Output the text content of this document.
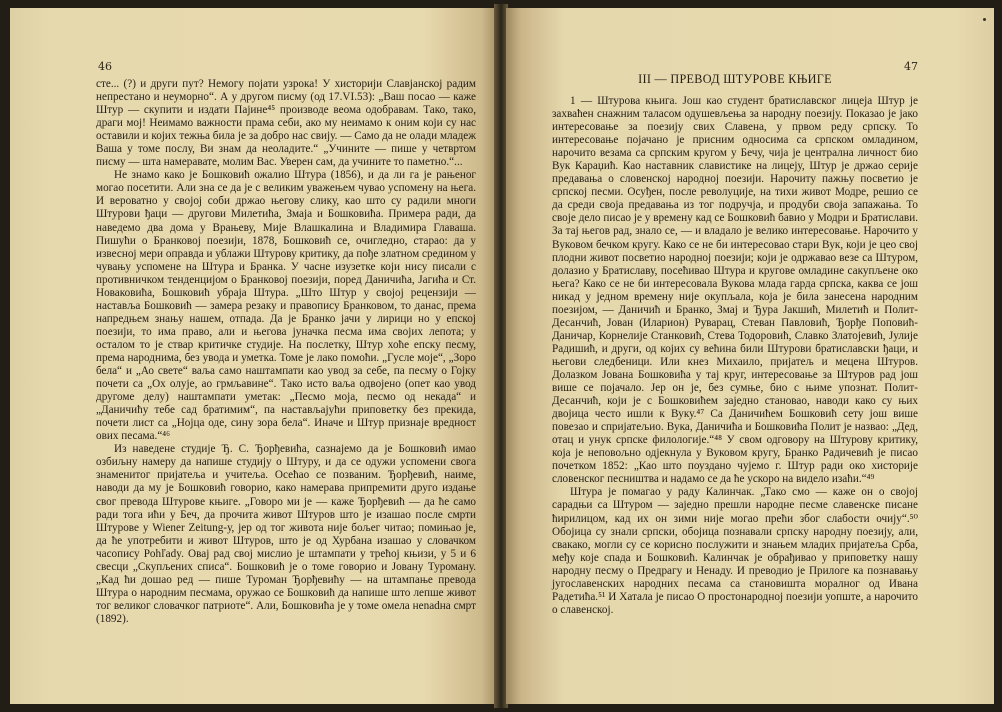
46

сте... (?) и други пут? Немогу појати узрока! У хисторији Славјанској радим непрестано и неуморно“. А у другом писму (од 17.VI.53): „Ваш посао — каже Штур — скупити и издати Пајине⁴⁵ производе веома одобравам. Тако, тако, драги мој! Неимамо важности прама себи, ако му неимамо к оним који су нас оставили и којих тежња била је за добро нас свију. — Само да не олади младеж Ваша у томе послу, Ви знам да неоладите.“ „Учините — пише у четвртом писму — шта намеравате, молим Вас. Уверен сам, да учините то паметно.“...

Не знамо како је Бошковић ожалио Штура (1856), и да ли га је рањеног могао посетити. Али зна се да је с великим уважењем чувао успомену на њега. И вероватно у својој соби држао његову слику, као што су радили многи Штурови ђаци — другови Милетића, Змаја и Бошковића. Примера ради, да наведемо два дома у Врањеву, Мије Влашкалина и Владимира Главаша. Пишући о Бранковој поезији, 1878, Бошковић се, очигледно, старао: да у извесној мери оправда и ублажи Штурову критику, да пође златном средином у чувању успомене на Штура и Бранка. У часне изузетке који нису писали с противничком тенденцијом о Бранковој поезији, поред Даничића, Јагића и Ст. Новаковића, Бошковић убраја Штура. „Што Штур у својој рецензији — наставља Бошковић — замера резаку и правопису Бранковом, то данас, према напредњем знању нашем, отпада. Да је Бранко јачи у лирици но у епској поезији, то има право, али и његова јуначка песма има својих лепота; у осталом то је ствар критичке студије. На послетку, Штур хоће епску песму, према народнима, без увода и уметка. Томе је лако помоћи. „Гусле моје“, „Зоро бела“ и „Ао свете“ ваља само наштампати као увод за себе, па песму о Гојку почети са „Ох олује, ао грмљавине“. Тако исто ваља одвојено (опет као увод другоме делу) наштампати уметак: „Песмо моја, песмо од некада“ и „Даничићу тебе сад братимим“, па настављајући приповетку без прекида, почети лист са „Нојца оде, сину зора бела“. Иначе и Штур признаје вредност ових песама.“⁴⁶

Из наведене студије Ђ. С. Ђорђевића, сазнајемо да је Бошковић имао озбиљну намеру да напише студију о Штуру, и да се одужи успомени свога знаменитог пријатеља и учитеља. Осећао се позваним. Ђорђевић, наиме, наводи да му је Бошковић говорио, како намерава припремити друго издање свог превода Штурове књиге. „Говоро ми је — каже Ђорђевић — да ће само ради тога ићи у Беч, да прочита живот Штуров што је изашао после смрти Штурове у Wiener Zeitung-у, јер од тог живота није бољег читао; помињао је, да ће употребити и живот Штуров, што је од Хурбана изашао у словачком часопису Pohľady. Овај рад свој мислио је штампати у трећој књизи, у 5 и 6 свесци „Скупљених списа“. Бошковић је о томе говорио и Јовану Туроману. „Кад ћи дошао ред — пише Туроман Ђорђевићу — на штампање превода Штура о народним песмама, оружао се Бошковић да напише што лепше живот тог великог словачког патриоте“. Али, Бошковића је у томе омела неnadна смрт (1892).

47
III — ПРЕВОД ШТУРОВЕ КЊИГЕ

1 — Штурова књига. Још као студент братиславског лицеја Штур је захваћен снажним таласом одушевљења за народну поезију. Показао је јако интересовање за поезију свих Славена, у првом реду српску. То интересовање појачано је присним односима са српском омладином, нарочито везама са српским кругом у Бечу, чија је централна личност био Вук Караџић. Као наставник славистике на лицеју, Штур је држао серије предавања о словенској народној поезији. Нарочиту пажњу посветио је српској песми. Осуђен, после револуције, на тихи живот Модре, решио се да среди своја предавања из тог подручја, и продуби своја запажања. То своје дело писао је у времену кад се Бошковић бавио у Модри и Братислави. За тај његов рад, знало се, — и владало је велико интересовање. Нарочито у Вуковом бечком кругу. Како се не би интересовао стари Вук, који је цео свој плодни живот посветио народној поезији; који је одржавао везе са Штуром, долазио у Братиславу, посећивао Штура и кругове омладине сакупљене око њега? Како се не би интересовала Вукова млада гарда српска, каква се још никад у једном времену није окупљала, која је била занесена народним поезијом, — Даничић и Бранко, Змај и Ђура Јакшић, Милетић и Полит-Десанчић, Јован (Иларион) Руварац, Стеван Павловић, Ђорђе Поповић-Даничар, Корнелије Станковић, Стева Тодоровић, Славко Златојевић, Јулије Радишић, и други, од којих су већина били Штурови братиславски ђаци, и његови следбеници. Или кнез Михаило, пријатељ и мецена Штуров. Долазком Јована Бошковића у тај круг, интересовање за Штуров рад још више се појачало. Јер он је, без сумње, био с њиме упознат. Полит-Десанчић, који је с Бошковићем заједно становао, наводи како су њих двојица често ишли к Вуку.⁴⁷ Са Даничићем Бошковић сету још више повезао и спријатељио. Вука, Даничића и Бошковића Полит је назвао: „Дед, отац и унук српске филологије.“⁴⁸ У свом одговору на Штурову критику, која је неповољно одјекнула у Вуковом кругу, Бранко Радичевић је писао почетком 1852: „Као што поуздано чујемо г. Штур ради око хисторије словенског песништва и надамо се да ће ускоро на видело изаћи.“⁴⁹

Штура је помагао у раду Калинчак. „Тако смо — каже он о својој сарадњи са Штуром — заједно прешли народне песме славенске писане ћирилицом, кад их он зими није могао прећи због слабости очију“.⁵⁰ Обојица су знали српски, обојица познавали српску народну поезију, али, свакако, могли су се корисно послужити и знањем младих пријатеља Срба, међу које спада и Бошковић. Калинчак је обрађивао у приповетку нашу народну песму о Предрагу и Ненаду. И преводио је Прилоге ка познавању југославенских народних песама са становишта моралног од Ивана Радетића.⁵¹ И Хатала је писао О простонародној поезији уопште, а нарочито о славенској.
